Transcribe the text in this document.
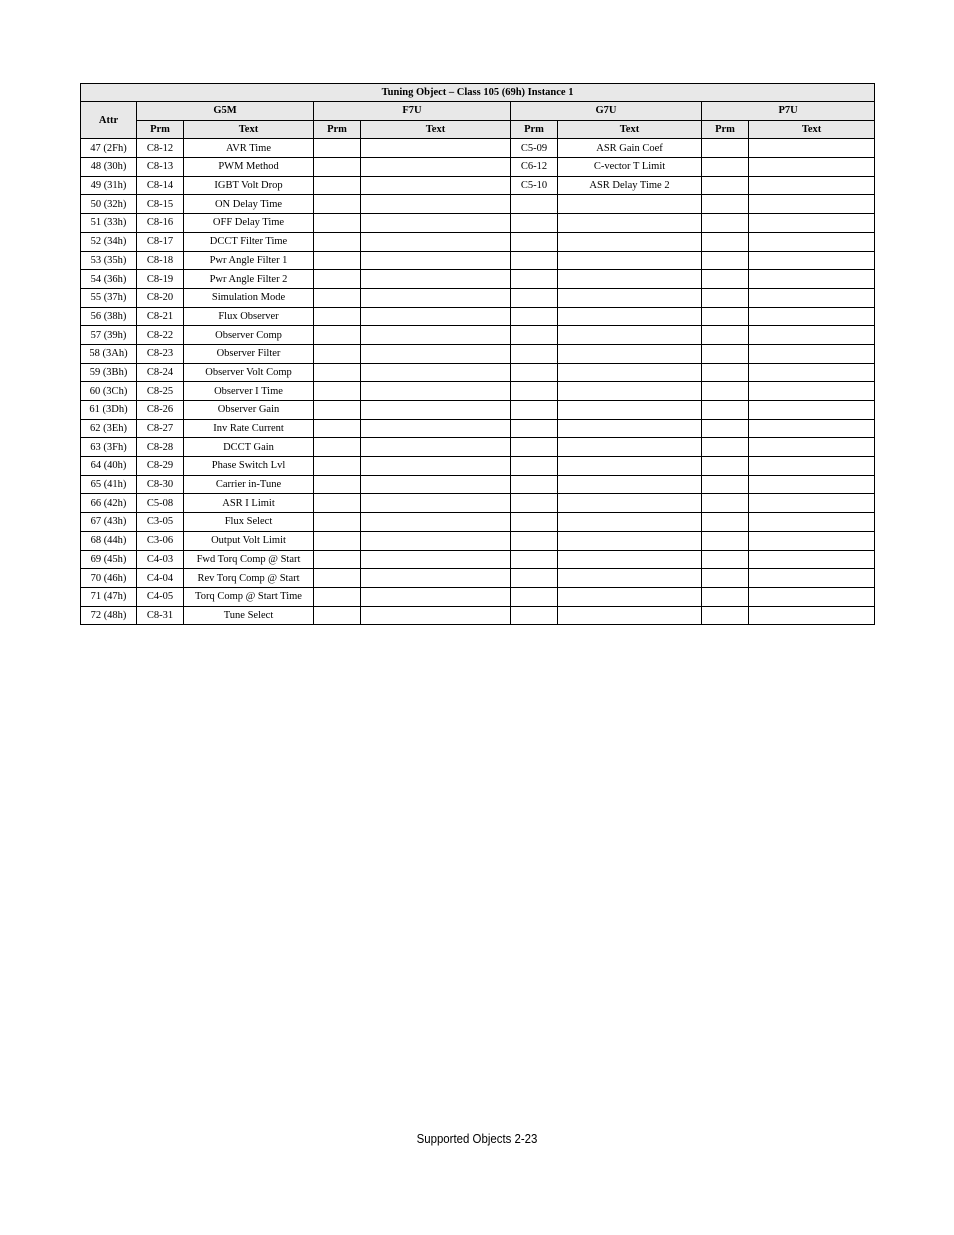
Tuning Object – Class 105 (69h) Instance 1								
Attr	G5M		F7U		G7U		P7U	
	Prm	Text	Prm	Text	Prm	Text	Prm	Text
47 (2Fh)	C8-12	AVR Time			C5-09	ASR Gain Coef		
48 (30h)	C8-13	PWM Method			C6-12	C-vector T Limit		
49 (31h)	C8-14	IGBT Volt Drop			C5-10	ASR Delay Time 2		
50 (32h)	C8-15	ON Delay Time						
51 (33h)	C8-16	OFF Delay Time						
52 (34h)	C8-17	DCCT Filter Time						
53 (35h)	C8-18	Pwr Angle Filter 1						
54 (36h)	C8-19	Pwr Angle Filter 2						
55 (37h)	C8-20	Simulation Mode						
56 (38h)	C8-21	Flux Observer						
57 (39h)	C8-22	Observer Comp						
58 (3Ah)	C8-23	Observer Filter						
59 (3Bh)	C8-24	Observer Volt Comp						
60 (3Ch)	C8-25	Observer I Time						
61 (3Dh)	C8-26	Observer Gain						
62 (3Eh)	C8-27	Inv Rate Current						
63 (3Fh)	C8-28	DCCT Gain						
64 (40h)	C8-29	Phase Switch Lvl						
65 (41h)	C8-30	Carrier in-Tune						
66 (42h)	C5-08	ASR I Limit						
67 (43h)	C3-05	Flux Select						
68 (44h)	C3-06	Output Volt Limit						
69 (45h)	C4-03	Fwd Torq Comp @ Start						
70 (46h)	C4-04	Rev Torq Comp @ Start						
71 (47h)	C4-05	Torq Comp @ Start Time						
72 (48h)	C8-31	Tune Select						
Supported Objects 2-23
